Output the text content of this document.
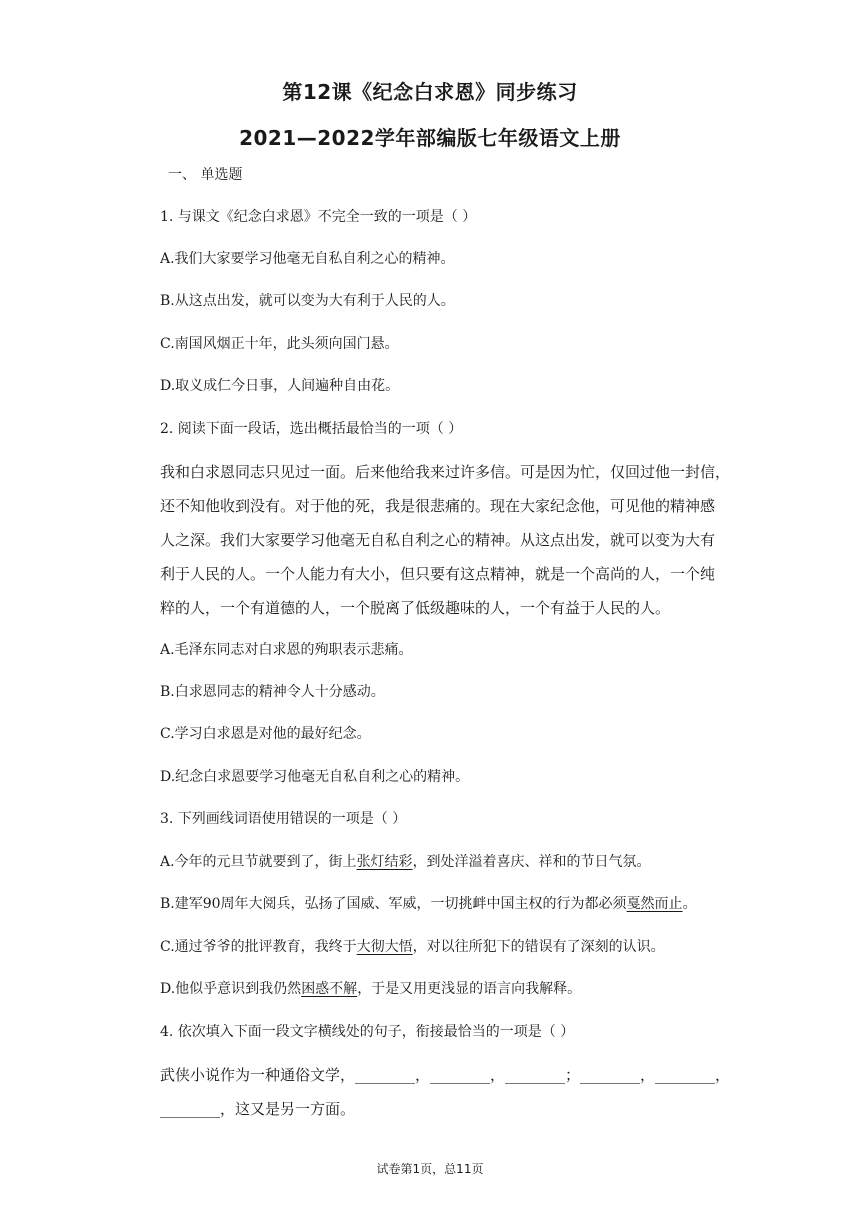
第12课《纪念白求恩》同步练习
2021—2022学年部编版七年级语文上册
一、 单选题
1. 与课文《纪念白求恩》不完全一致的一项是（ ）
A.我们大家要学习他毫无自私自利之心的精神。
B.从这点出发，就可以变为大有利于人民的人。
C.南国风烟正十年，此头须向国门悬。
D.取义成仁今日事，人间遍种自由花。
2. 阅读下面一段话，选出概括最恰当的一项（ ）
我和白求恩同志只见过一面。后来他给我来过许多信。可是因为忙，仅回过他一封信，
还不知他收到没有。对于他的死，我是很悲痛的。现在大家纪念他，可见他的精神感
人之深。我们大家要学习他毫无自私自利之心的精神。从这点出发，就可以变为大有
利于人民的人。一个人能力有大小，但只要有这点精神，就是一个高尚的人，一个纯
粹的人，一个有道德的人，一个脱离了低级趣味的人，一个有益于人民的人。
A.毛泽东同志对白求恩的殉职表示悲痛。
B.白求恩同志的精神令人十分感动。
C.学习白求恩是对他的最好纪念。
D.纪念白求恩要学习他毫无自私自利之心的精神。
3. 下列画线词语使用错误的一项是（ ）
A.今年的元旦节就要到了，街上张灯结彩，到处洋溢着喜庆、祥和的节日气氛。
B.建军90周年大阅兵，弘扬了国威、军威，一切挑衅中国主权的行为都必须戛然而止。
C.通过爷爷的批评教育，我终于大彻大悟，对以往所犯下的错误有了深刻的认识。
D.他似乎意识到我仍然困惑不解，于是又用更浅显的语言向我解释。
4. 依次填入下面一段文字横线处的句子，衔接最恰当的一项是（ ）
武侠小说作为一种通俗文学，________，________，________；________，________，
________，这又是另一方面。
试卷第1页，总11页
